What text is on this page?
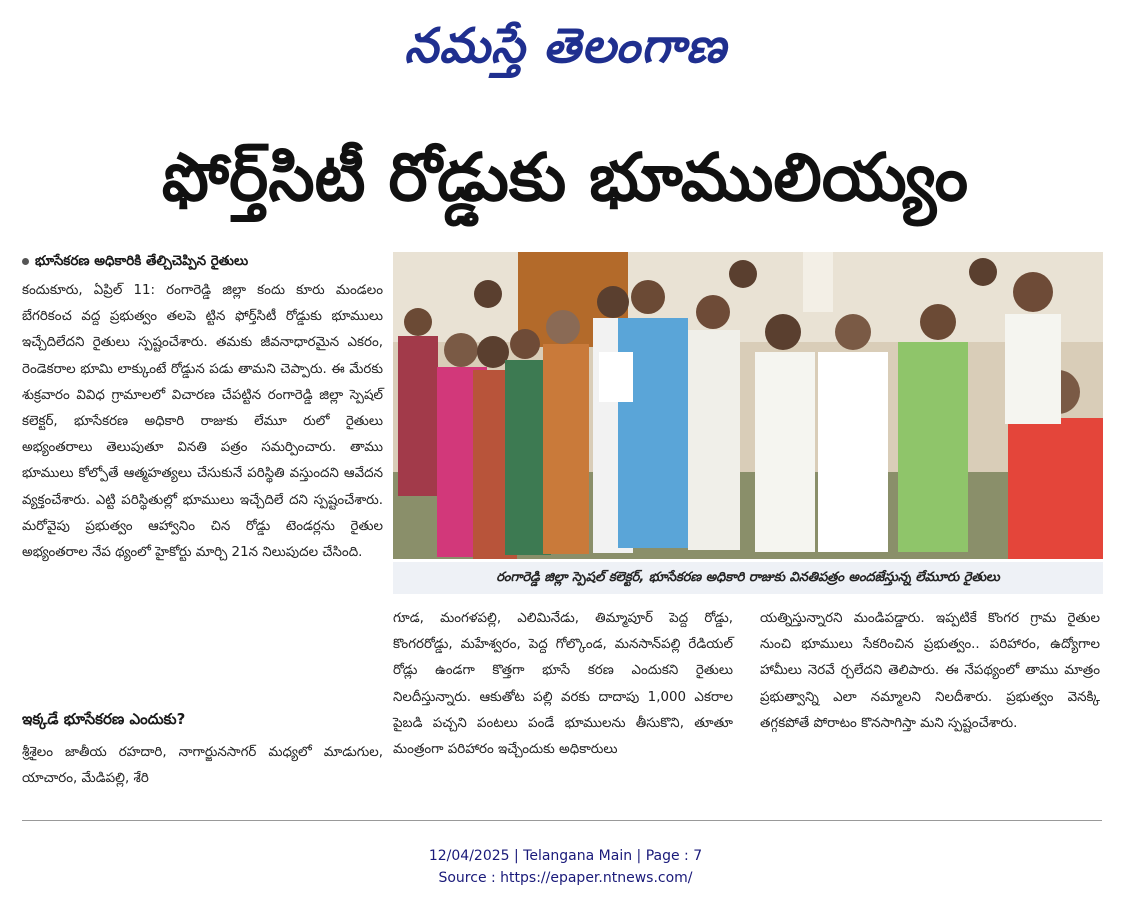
నమస్తే తెలంగాణ
ఫోర్త్‌సిటీ రోడ్డుకు భూములియ్యం
భూసేకరణ అధికారికి తేల్చిచెప్పిన రైతులు

కందుకూరు, ఏప్రిల్ 11: రంగారెడ్డి జిల్లా కందు కూరు మండలం బేగరికంచ వద్ద ప్రభుత్వం తలపె ట్టిన ఫోర్త్‌సిటీ రోడ్డుకు భూములు ఇచ్చేదిలేదని రైతులు స్పష్టంచేశారు. తమకు జీవనాధారమైన ఎకరం, రెండెకరాల భూమి లాక్కుంటే రోడ్డున పడు తామని చెప్పారు. ఈ మేరకు శుక్రవారం వివిధ గ్రామాలలో విచారణ చేపట్టిన రంగారెడ్డి జిల్లా స్పెషల్ కలెక్టర్, భూసేకరణ అధికారి రాజుకు లేమూ రులో రైతులు అభ్యంతరాలు తెలుపుతూ వినతి పత్రం సమర్పించారు. తాము భూములు కోల్పోతే ఆత్మహత్యలు చేసుకునే పరిస్థితి వస్తుందని ఆవేదన వ్యక్తంచేశారు. ఎట్టి పరిస్థితుల్లో భూములు ఇచ్చేదిలే దని స్పష్టంచేశారు. మరోవైపు ప్రభుత్వం ఆహ్వానిం చిన రోడ్డు టెండర్లను రైతుల అభ్యంతరాల నేప థ్యంలో హైకోర్టు మార్చి 21న నిలుపుదల చేసింది.

ఇక్కడే భూసేకరణ ఎందుకు?

శ్రీశైలం జాతీయ రహదారి, నాగార్జునసాగర్ మధ్యలో మాడుగుల, యాచారం, మేడిపల్లి, శేరి

రంగారెడ్డి జిల్లా స్పెషల్ కలెక్టర్, భూసేకరణ అధికారి రాజుకు వినతిపత్రం అందజేస్తున్న లేమూరు రైతులు

గూడ, మంగళపల్లి, ఎలిమినేడు, తిమ్మాపూర్ పెద్ద రోడ్డు, కొంగరరోడ్డు, మహేశ్వరం, పెద్ద గోల్కొండ, మనసాన్‌పల్లి రేడియల్ రోడ్లు ఉండగా కొత్తగా భూసే కరణ ఎందుకని రైతులు నిలదీస్తున్నారు. ఆకుతోట పల్లి వరకు దాదాపు 1,000 ఎకరాల పైబడి పచ్చని పంటలు పండే భూములను తీసుకొని, తూతూ మంత్రంగా పరిహారం ఇచ్చేందుకు అధికారులు

యత్నిస్తున్నారని మండిపడ్డారు. ఇప్పటికే కొంగర గ్రామ రైతుల నుంచి భూములు సేకరించిన ప్రభుత్వం.. పరిహారం, ఉద్యోగాల హామీలు నెరవే ర్చలేదని తెలిపారు. ఈ నేపథ్యంలో తాము మాత్రం ప్రభుత్వాన్ని ఎలా నమ్మాలని నిలదీశారు. ప్రభుత్వం వెనక్కి తగ్గకపోతే పోరాటం కొనసాగిస్తా మని స్పష్టంచేశారు.

12/04/2025 | Telangana Main | Page : 7
Source : https://epaper.ntnews.com/
